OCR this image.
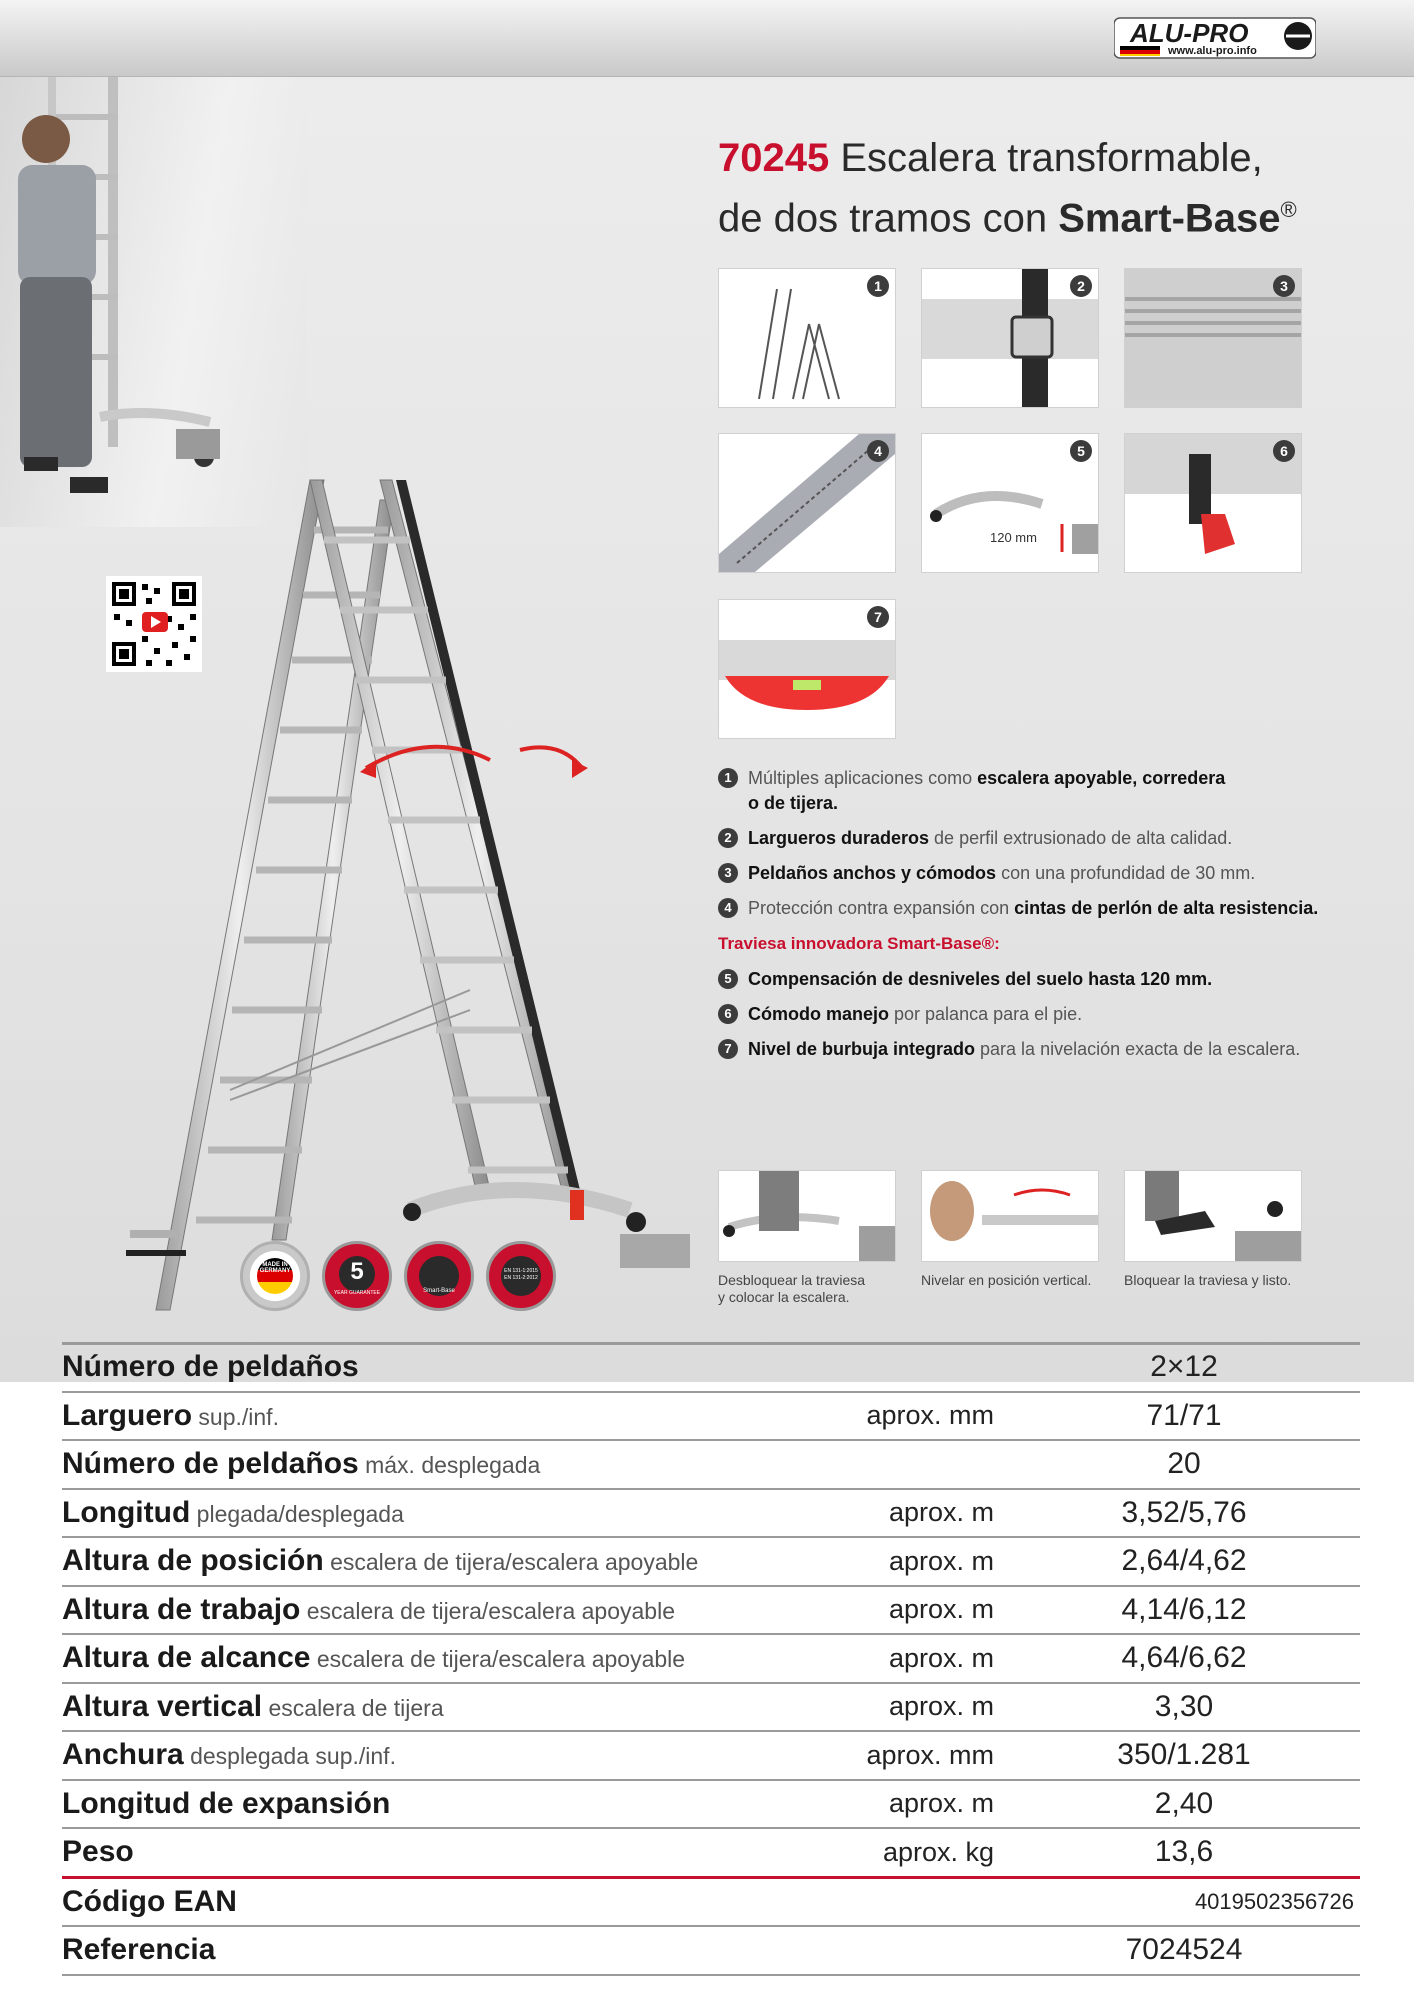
ALU-PRO
www.alu-pro.info
MADE IN GERMANY	5
YEAR GUARANTEE	Smart-Base
EN 131-1:2015 EN 131-2:2012
70245 Escalera transformable,
de dos tramos con Smart-Base®
1	2	3
4
120 mm
5	6
7
1 Múltiples aplicaciones como escalera apoyable, corredera
o de tijera.
2 Largueros duraderos de perfil extrusionado de alta calidad.
3 Peldaños anchos y cómodos con una profundidad de 30 mm.
4 Protección contra expansión con cintas de perlón de alta resistencia.
Traviesa innovadora Smart-Base®:
5 Compensación de desniveles del suelo hasta 120 mm.
6 Cómodo manejo por palanca para el pie.
7 Nivel de burbuja integrado para la nivelación exacta de la escalera.
Desbloquear la traviesa
y colocar la escalera.
Nivelar en posición vertical. Bloquear la traviesa y listo.
Número de peldaños		2×12
Larguero sup./inf.	aprox. mm	71/71
Número de peldaños máx. desplegada		20
Longitud plegada/desplegada	aprox. m	3,52/5,76
Altura de posición escalera de tijera/escalera apoyable	aprox. m	2,64/4,62
Altura de trabajo escalera de tijera/escalera apoyable	aprox. m	4,14/6,12
Altura de alcance escalera de tijera/escalera apoyable	aprox. m	4,64/6,62
Altura vertical escalera de tijera	aprox. m	3,30
Anchura desplegada sup./inf.	aprox. mm	350/1.281
Longitud de expansión	aprox. m	2,40
Peso	aprox. kg	13,6
Código EAN		4019502356726
Referencia		7024524
